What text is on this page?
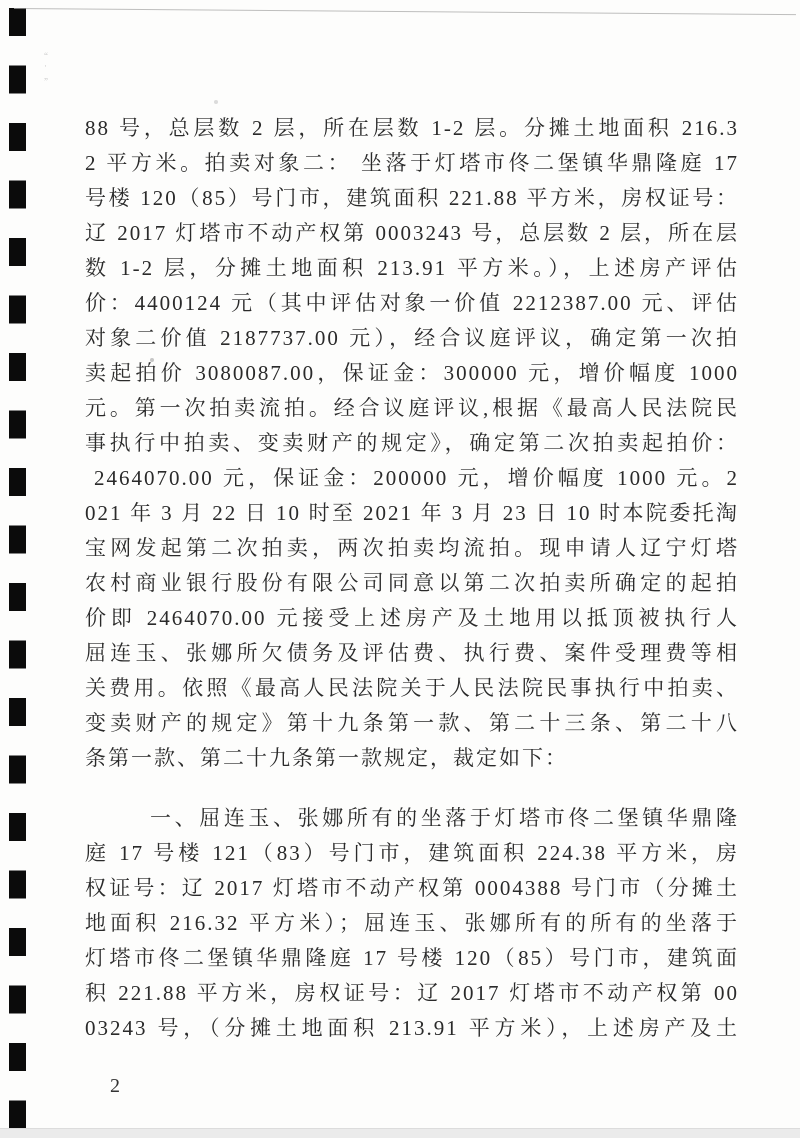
“
·
„
88 号，总层数 2 层，所在层数 1-2 层。分摊土地面积 216.3
2 平方米。拍卖对象二： 坐落于灯塔市佟二堡镇华鼎隆庭 17
号楼 120（85）号门市，建筑面积 221.88 平方米，房权证号：
辽 2017 灯塔市不动产权第 0003243 号，总层数 2 层，所在层
数 1-2 层，分摊土地面积 213.91 平方米。），上述房产评估
价：4400124 元（其中评估对象一价值 2212387.00 元、评估
对象二价值 2187737.00 元），经合议庭评议，确定第一次拍
卖起拍价 3080087.00，保证金：300000 元，增价幅度 1000
元。第一次拍卖流拍。经合议庭评议,根据《最高人民法院民
事执行中拍卖、变卖财产的规定》，确定第二次拍卖起拍价：
2464070.00 元，保证金：200000 元，增价幅度 1000 元。2
021 年 3 月 22 日 10 时至 2021 年 3 月 23 日 10 时本院委托淘
宝网发起第二次拍卖，两次拍卖均流拍。现申请人辽宁灯塔
农村商业银行股份有限公司同意以第二次拍卖所确定的起拍
价即 2464070.00 元接受上述房产及土地用以抵顶被执行人
屈连玉、张娜所欠债务及评估费、执行费、案件受理费等相
关费用。依照《最高人民法院关于人民法院民事执行中拍卖、
变卖财产的规定》第十九条第一款、第二十三条、第二十八
条第一款、第二十九条第一款规定，裁定如下：
一、屈连玉、张娜所有的坐落于灯塔市佟二堡镇华鼎隆
庭 17 号楼 121（83）号门市，建筑面积 224.38 平方米，房
权证号：辽 2017 灯塔市不动产权第 0004388 号门市（分摊土
地面积 216.32 平方米）；屈连玉、张娜所有的所有的坐落于
灯塔市佟二堡镇华鼎隆庭 17 号楼 120（85）号门市，建筑面
积 221.88 平方米，房权证号：辽 2017 灯塔市不动产权第 00
03243 号，（分摊土地面积 213.91 平方米），上述房产及土
2
